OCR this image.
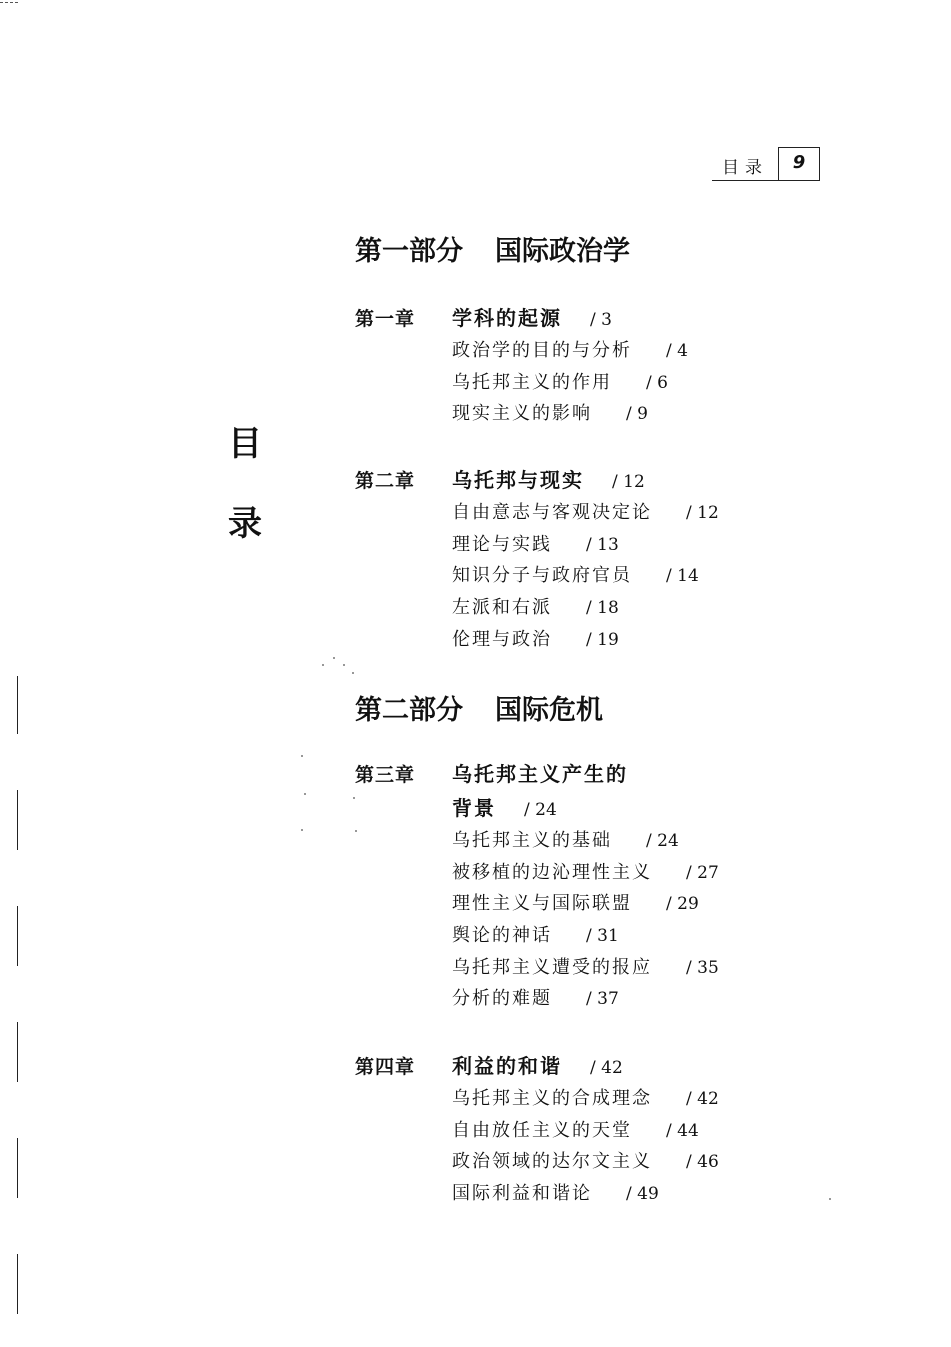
目录	9
目
录
第一部分 国际政治学
第一章	学科的起源	/ 3
政治学的目的与分析	/ 4
乌托邦主义的作用	/ 6
现实主义的影响	/ 9
第二章	乌托邦与现实	/ 12
自由意志与客观决定论	/ 12
理论与实践	/ 13
知识分子与政府官员	/ 14
左派和右派	/ 18
伦理与政治	/ 19
第二部分 国际危机
第三章	乌托邦主义产生的
背景	/ 24
乌托邦主义的基础	/ 24
被移植的边沁理性主义	/ 27
理性主义与国际联盟	/ 29
舆论的神话	/ 31
乌托邦主义遭受的报应	/ 35
分析的难题	/ 37
第四章	利益的和谐	/ 42
乌托邦主义的合成理念	/ 42
自由放任主义的天堂	/ 44
政治领域的达尔文主义	/ 46
国际利益和谐论	/ 49
